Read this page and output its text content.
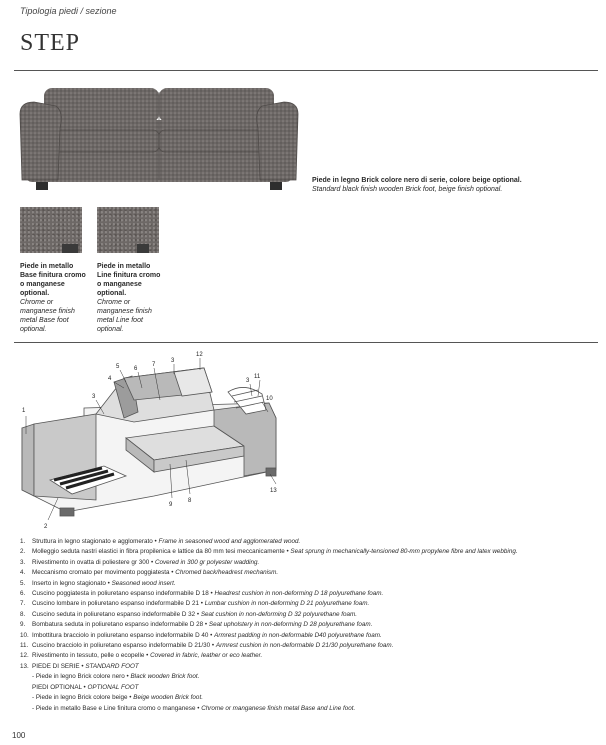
Tipologia piedi / sezione
STEP
Piede in legno Brick colore nero di serie, colore beige optional.
Standard black finish wooden Brick foot, beige finish optional.
Piede in metallo
Base finitura cromo
o manganese
optional.
Chrome or
manganese finish
metal Base foot
optional.
Piede in metallo
Line finitura cromo
o manganese
optional.
Chrome or
manganese finish
metal Line foot
optional.
1
2
3
3
3
4
5 6
7
8
9
10
11
12
13
1. Struttura in legno stagionato e agglomerato • Frame in seasoned wood and agglomerated wood.
2. Molleggio seduta nastri elastici in fibra propilenica e lattice da 80 mm tesi meccanicamente • Seat sprung in mechanically-tensioned 80-mm propylene fibre and latex webbing.
3. Rivestimento in ovatta di poliestere gr 300 • Covered in 300 gr polyester wadding.
4. Meccanismo cromato per movimento poggiatesta • Chromed back/headrest mechanism.
5. Inserto in legno stagionato • Seasoned wood insert.
6. Cuscino poggiatesta in poliuretano espanso indeformabile D 18 • Headrest cushion in non-deforming D 18 polyurethane foam.
7. Cuscino lombare in poliuretano espanso indeformabile D 21 • Lumbar cushion in non-deforming D 21 polyurethane foam.
8. Cuscino seduta in poliuretano espanso indeformabile D 32 • Seat cushion in non-deforming D 32 polyurethane foam.
9. Bombatura seduta in poliuretano espanso indeformabile D 28 • Seat upholstery in non-deforming D 28 polyurethane foam.
10. Imbottitura bracciolo in poliuretano espanso indeformabile D 40 • Armrest padding in non-deformable D40 polyurethane foam.
11. Cuscino bracciolo in poliuretano espanso indeformabile D 21/30 • Armrest cushion in non-deformable D 21/30 polyurethane foam.
12. Rivestimento in tessuto, pelle o ecopelle • Covered in fabric, leather or eco leather.
13. PIEDE DI SERIE • STANDARD FOOT
- Piede in legno Brick colore nero • Black wooden Brick foot.
PIEDI OPTIONAL • OPTIONAL FOOT
- Piede in legno Brick colore beige • Beige wooden Brick foot.
- Piede in metallo Base e Line finitura cromo o manganese • Chrome or manganese finish metal Base and Line foot.
100
